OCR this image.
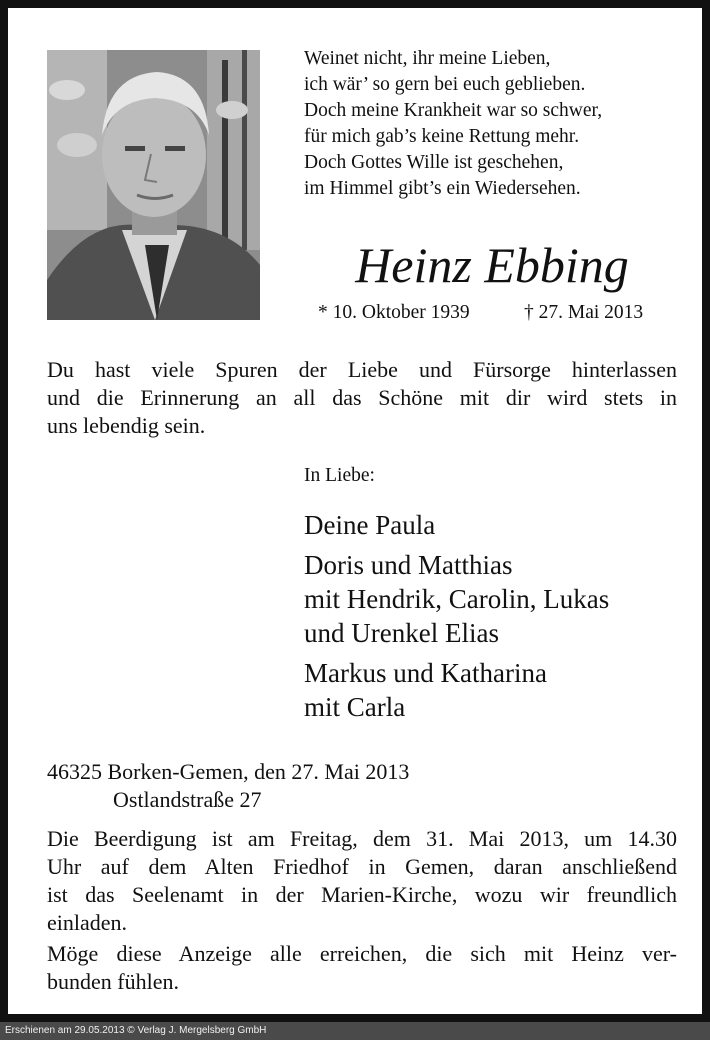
Weinet nicht, ihr meine Lieben,
ich wär’ so gern bei euch geblieben.
Doch meine Krankheit war so schwer,
für mich gab’s keine Rettung mehr.
Doch Gottes Wille ist geschehen,
im Himmel gibt’s ein Wiedersehen.
Heinz Ebbing
* 10. Oktober 1939	† 27. Mai 2013
Du hast viele Spuren der Liebe und Fürsorge hinterlassen
und die Erinnerung an all das Schöne mit dir wird stets in
uns lebendig sein.
In Liebe:
Deine Paula
Doris und Matthias
mit Hendrik, Carolin, Lukas
und Urenkel Elias
Markus und Katharina
mit Carla
46325 Borken-Gemen, den 27. Mai 2013
Ostlandstraße 27
Die Beerdigung ist am Freitag, dem 31. Mai 2013, um 14.30
Uhr auf dem Alten Friedhof in Gemen, daran anschließend
ist das Seelenamt in der Marien-Kirche, wozu wir freundlich
einladen.
Möge diese Anzeige alle erreichen, die sich mit Heinz ver-
bunden fühlen.
Erschienen am 29.05.2013 © Verlag J. Mergelsberg GmbH
